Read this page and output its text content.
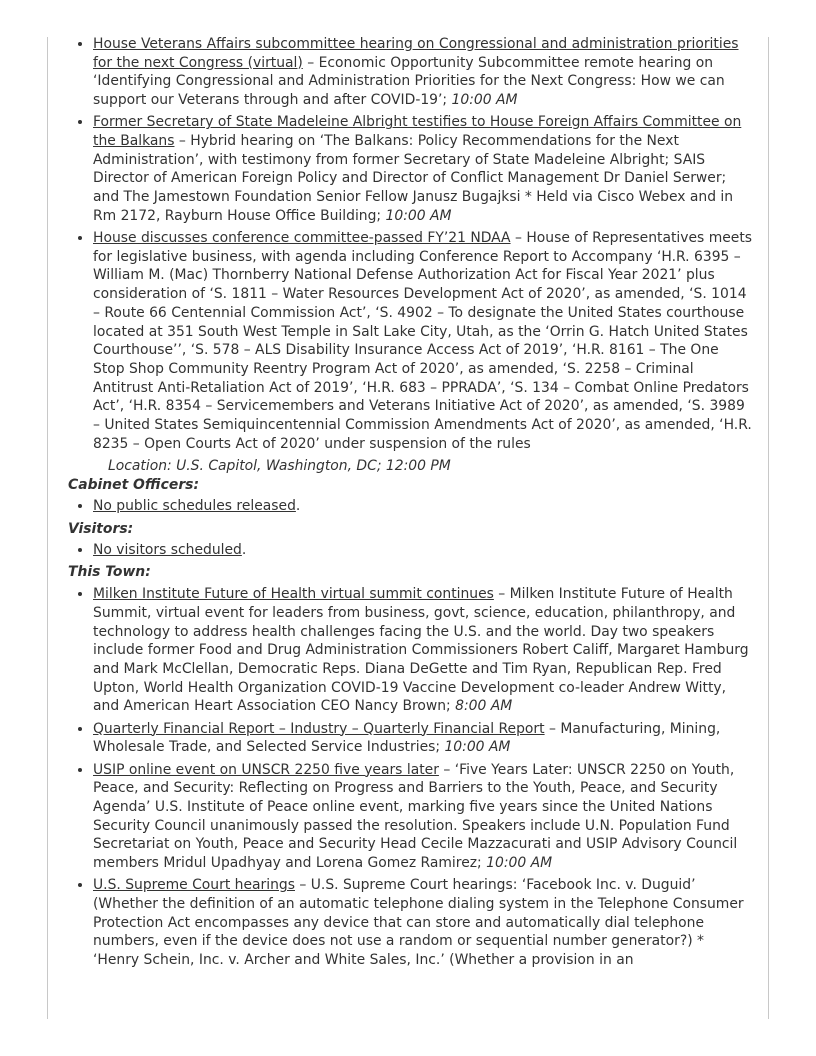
• House Veterans Affairs subcommittee hearing on Congressional and administration priorities for the next Congress (virtual) – Economic Opportunity Subcommittee remote hearing on ‘Identifying Congressional and Administration Priorities for the Next Congress: How we can support our Veterans through and after COVID-19’; 10:00 AM
• Former Secretary of State Madeleine Albright testifies to House Foreign Affairs Committee on the Balkans – Hybrid hearing on ‘The Balkans: Policy Recommendations for the Next Administration’, with testimony from former Secretary of State Madeleine Albright; SAIS Director of American Foreign Policy and Director of Conflict Management Dr Daniel Serwer; and The Jamestown Foundation Senior Fellow Janusz Bugajksi * Held via Cisco Webex and in Rm 2172, Rayburn House Office Building; 10:00 AM
• House discusses conference committee-passed FY’21 NDAA – House of Representatives meets for legislative business, with agenda including Conference Report to Accompany ‘H.R. 6395 – William M. (Mac) Thornberry National Defense Authorization Act for Fiscal Year 2021’ plus consideration of ‘S. 1811 – Water Resources Development Act of 2020’, as amended, ‘S. 1014 – Route 66 Centennial Commission Act’, ‘S. 4902 – To designate the United States courthouse located at 351 South West Temple in Salt Lake City, Utah, as the ‘Orrin G. Hatch United States Courthouse’’, ‘S. 578 – ALS Disability Insurance Access Act of 2019’, ‘H.R. 8161 – The One Stop Shop Community Reentry Program Act of 2020’, as amended, ‘S. 2258 – Criminal Antitrust Anti-Retaliation Act of 2019’, ‘H.R. 683 – PPRADA’, ‘S. 134 – Combat Online Predators Act’, ‘H.R. 8354 – Servicemembers and Veterans Initiative Act of 2020’, as amended, ‘S. 3989 – United States Semiquincentennial Commission Amendments Act of 2020’, as amended, ‘H.R. 8235 – Open Courts Act of 2020’ under suspension of the rules
Location: U.S. Capitol, Washington, DC; 12:00 PM
Cabinet Officers:
• No public schedules released.
Visitors:
• No visitors scheduled.
This Town:
• Milken Institute Future of Health virtual summit continues – Milken Institute Future of Health Summit, virtual event for leaders from business, govt, science, education, philanthropy, and technology to address health challenges facing the U.S. and the world. Day two speakers include former Food and Drug Administration Commissioners Robert Califf, Margaret Hamburg and Mark McClellan, Democratic Reps. Diana DeGette and Tim Ryan, Republican Rep. Fred Upton, World Health Organization COVID-19 Vaccine Development co-leader Andrew Witty, and American Heart Association CEO Nancy Brown; 8:00 AM
• Quarterly Financial Report – Industry – Quarterly Financial Report – Manufacturing, Mining, Wholesale Trade, and Selected Service Industries; 10:00 AM
• USIP online event on UNSCR 2250 five years later – ‘Five Years Later: UNSCR 2250 on Youth, Peace, and Security: Reflecting on Progress and Barriers to the Youth, Peace, and Security Agenda’ U.S. Institute of Peace online event, marking five years since the United Nations Security Council unanimously passed the resolution. Speakers include U.N. Population Fund Secretariat on Youth, Peace and Security Head Cecile Mazzacurati and USIP Advisory Council members Mridul Upadhyay and Lorena Gomez Ramirez; 10:00 AM
• U.S. Supreme Court hearings – U.S. Supreme Court hearings: ‘Facebook Inc. v. Duguid’ (Whether the definition of an automatic telephone dialing system in the Telephone Consumer Protection Act encompasses any device that can store and automatically dial telephone numbers, even if the device does not use a random or sequential number generator?) * ‘Henry Schein, Inc. v. Archer and White Sales, Inc.’ (Whether a provision in an
